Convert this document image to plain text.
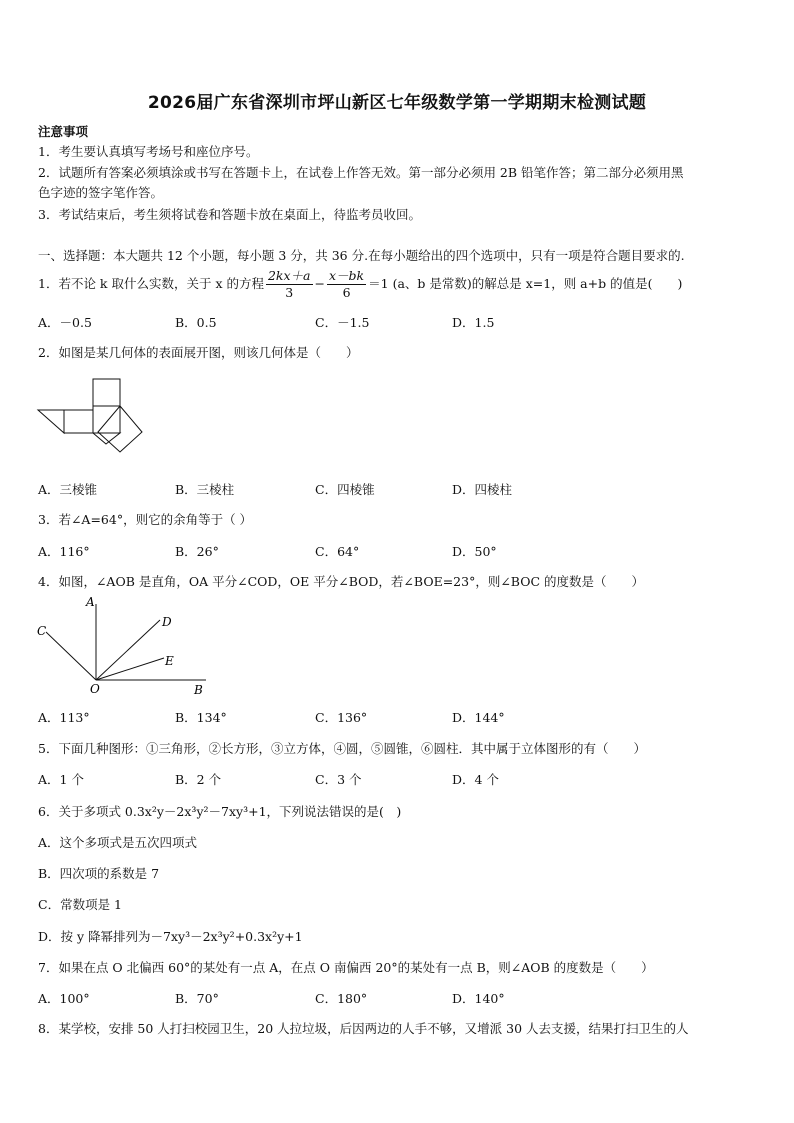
2026届广东省深圳市坪山新区七年级数学第一学期期末检测试题
注意事项
1．考生要认真填写考场号和座位序号。
2．试题所有答案必须填涂或书写在答题卡上，在试卷上作答无效。第一部分必须用 2B 铅笔作答；第二部分必须用黑
色字迹的签字笔作答。
3．考试结束后，考生须将试卷和答题卡放在桌面上，待监考员收回。
一、选择题：本大题共 12 个小题，每小题 3 分，共 36 分.在每小题给出的四个选项中，只有一项是符合题目要求的.
1．若不论 k 取什么实数，关于 x 的方程 $\frac{2kx+a}{3} - \frac{x-bk}{6} =1$ (a、b 是常数)的解总是 x=1，则 a+b 的值是(　　)
A．－0.5	B．0.5	C．－1.5	D．1.5
2．如图是某几何体的表面展开图，则该几何体是（　　）
A．三棱锥	B．三棱柱	C．四棱锥	D．四棱柱
3．若∠A=64°，则它的余角等于（ ）
A．116°	B．26°	C．64°	D．50°
4．如图，∠AOB 是直角，OA 平分∠COD，OE 平分∠BOD，若∠BOE=23°，则∠BOC 的度数是（　　）
A
B
C
D
E
O
A．113°	B．134°	C．136°	D．144°
5．下面几种图形：①三角形，②长方形，③立方体，④圆，⑤圆锥，⑥圆柱．其中属于立体图形的有（　　）
A．1 个	B．2 个	C．3 个	D．4 个
6．关于多项式 0.3x²y－2x³y²－7xy³+1，下列说法错误的是(　)
A．这个多项式是五次四项式
B．四次项的系数是 7
C．常数项是 1
D．按 y 降幂排列为－7xy³－2x³y²+0.3x²y+1
7．如果在点 O 北偏西 60°的某处有一点 A，在点 O 南偏西 20°的某处有一点 B，则∠AOB 的度数是（　　）
A．100°	B．70°	C．180°	D．140°
8．某学校，安排 50 人打扫校园卫生，20 人拉垃圾，后因两边的人手不够，又增派 30 人去支援，结果打扫卫生的人
